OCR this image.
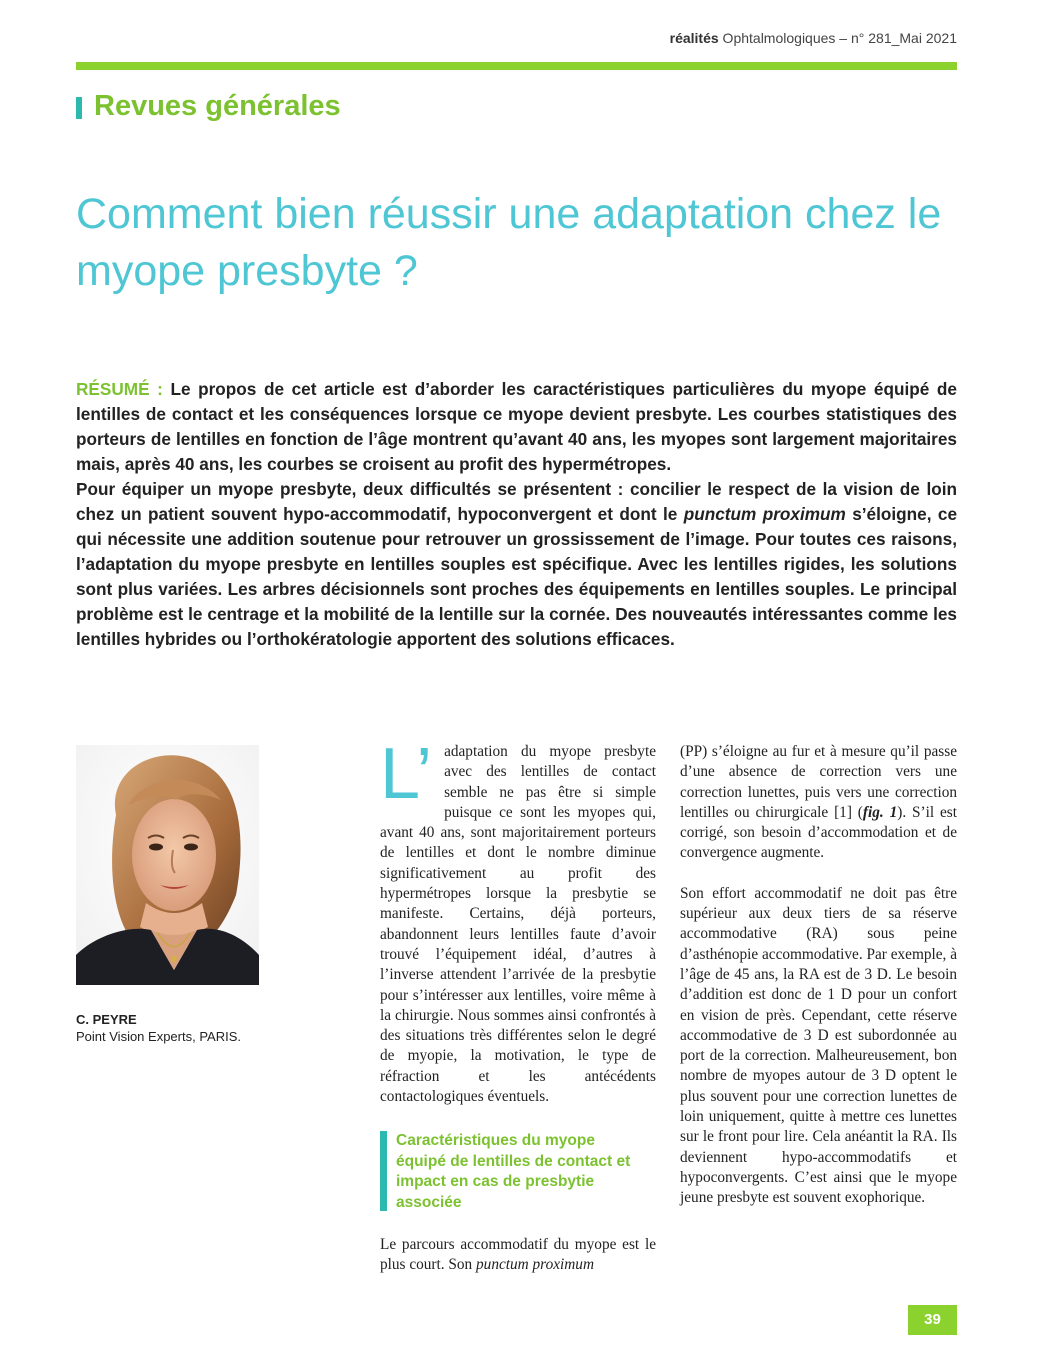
réalités Ophtalmologiques – n° 281_Mai 2021
Revues générales
Comment bien réussir une adaptation chez le myope presbyte ?

RÉSUMÉ : Le propos de cet article est d’aborder les caractéristiques particulières du myope équipé de lentilles de contact et les conséquences lorsque ce myope devient presbyte. Les courbes statistiques des porteurs de lentilles en fonction de l’âge montrent qu’avant 40 ans, les myopes sont largement majoritaires mais, après 40 ans, les courbes se croisent au profit des hypermétropes.

Pour équiper un myope presbyte, deux difficultés se présentent : concilier le respect de la vision de loin chez un patient souvent hypo-accommodatif, hypoconvergent et dont le punctum proximum s’éloigne, ce qui nécessite une addition soutenue pour retrouver un grossissement de l’image. Pour toutes ces raisons, l’adaptation du myope presbyte en lentilles souples est spécifique. Avec les lentilles rigides, les solutions sont plus variées. Les arbres décisionnels sont proches des équipements en lentilles souples. Le principal problème est le centrage et la mobilité de la lentille sur la cornée. Des nouveautés intéressantes comme les lentilles hybrides ou l’orthokératologie apportent des solutions efficaces.

C. PEYRE
Point Vision Experts, PARIS.
L’ adaptation du myope presbyte avec des lentilles de contact semble ne pas être si simple puisque ce sont les myopes qui, avant 40 ans, sont majoritairement porteurs de lentilles et dont le nombre diminue significativement au profit des hypermétropes lorsque la presbytie se manifeste. Certains, déjà porteurs, abandonnent leurs lentilles faute d’avoir trouvé l’équipement idéal, d’autres à l’inverse attendent l’arrivée de la presbytie pour s’intéresser aux lentilles, voire même à la chirurgie. Nous sommes ainsi confrontés à des situations très différentes selon le degré de myopie, la motivation, le type de réfraction et les antécédents contactologiques éventuels.

Caractéristiques du myope équipé de lentilles de contact et impact en cas de presbytie associée

Le parcours accommodatif du myope est le plus court. Son punctum proximum

(PP) s’éloigne au fur et à mesure qu’il passe d’une absence de correction vers une correction lunettes, puis vers une correction lentilles ou chirurgicale [1] (fig. 1). S’il est corrigé, son besoin d’accommodation et de convergence augmente.

Son effort accommodatif ne doit pas être supérieur aux deux tiers de sa réserve accommodative (RA) sous peine d’asthénopie accommodative. Par exemple, à l’âge de 45 ans, la RA est de 3 D. Le besoin d’addition est donc de 1 D pour un confort en vision de près. Cependant, cette réserve accommodative de 3 D est subordonnée au port de la correction. Malheureusement, bon nombre de myopes autour de 3 D optent le plus souvent pour une correction lunettes de loin uniquement, quitte à mettre ces lunettes sur le front pour lire. Cela anéantit la RA. Ils deviennent hypo-accommodatifs et hypoconvergents. C’est ainsi que le myope jeune presbyte est souvent exophorique.

39
